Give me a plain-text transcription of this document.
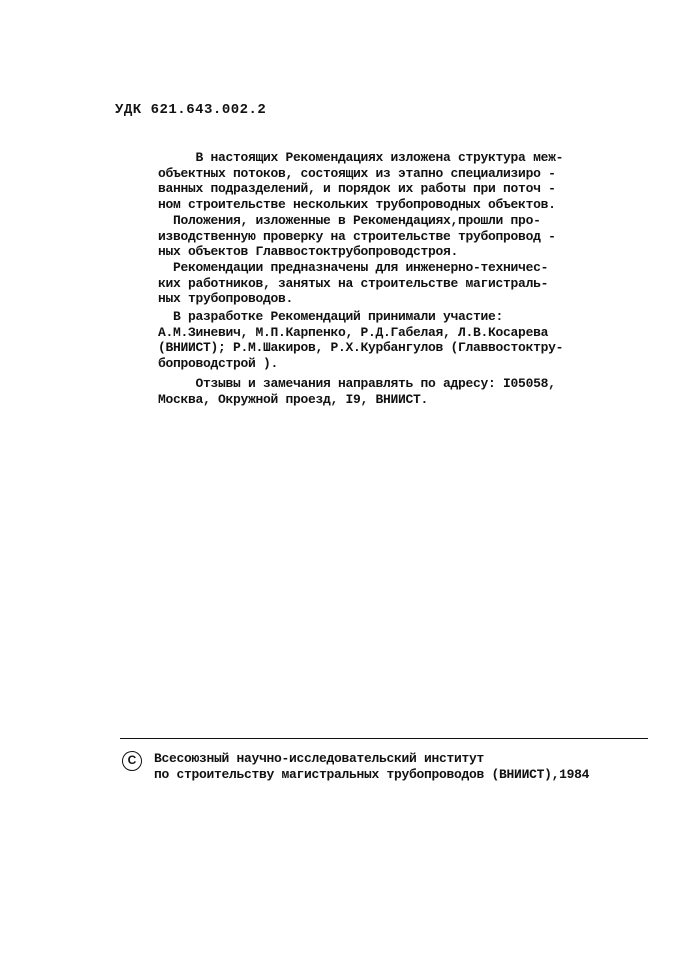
УДК 621.643.002.2
В настоящих Рекомендациях изложена структура меж-
объектных потоков, состоящих из этапно специализиро -
ванных подразделений, и порядок их работы при поточ -
ном строительстве нескольких трубопроводных объектов.
Положения, изложенные в Рекомендациях,прошли про-
изводственную проверку на строительстве трубопровод -
ных объектов Главвостоктрубопроводстроя.
Рекомендации предназначены для инженерно-техничес-
ких работников, занятых на строительстве магистраль-
ных трубопроводов.
В разработке Рекомендаций принимали участие:
А.М.Зиневич, М.П.Карпенко, Р.Д.Габелая, Л.В.Косарева
(ВНИИСТ); Р.М.Шакиров, Р.Х.Курбангулов (Главвостоктру-
бопроводстрой ).
Отзывы и замечания направлять по адресу: I05058,
Москва, Окружной проезд, I9, ВНИИСТ.
С	Всесоюзный научно-исследовательский институт
по строительству магистральных трубопроводов (ВНИИСТ),1984
